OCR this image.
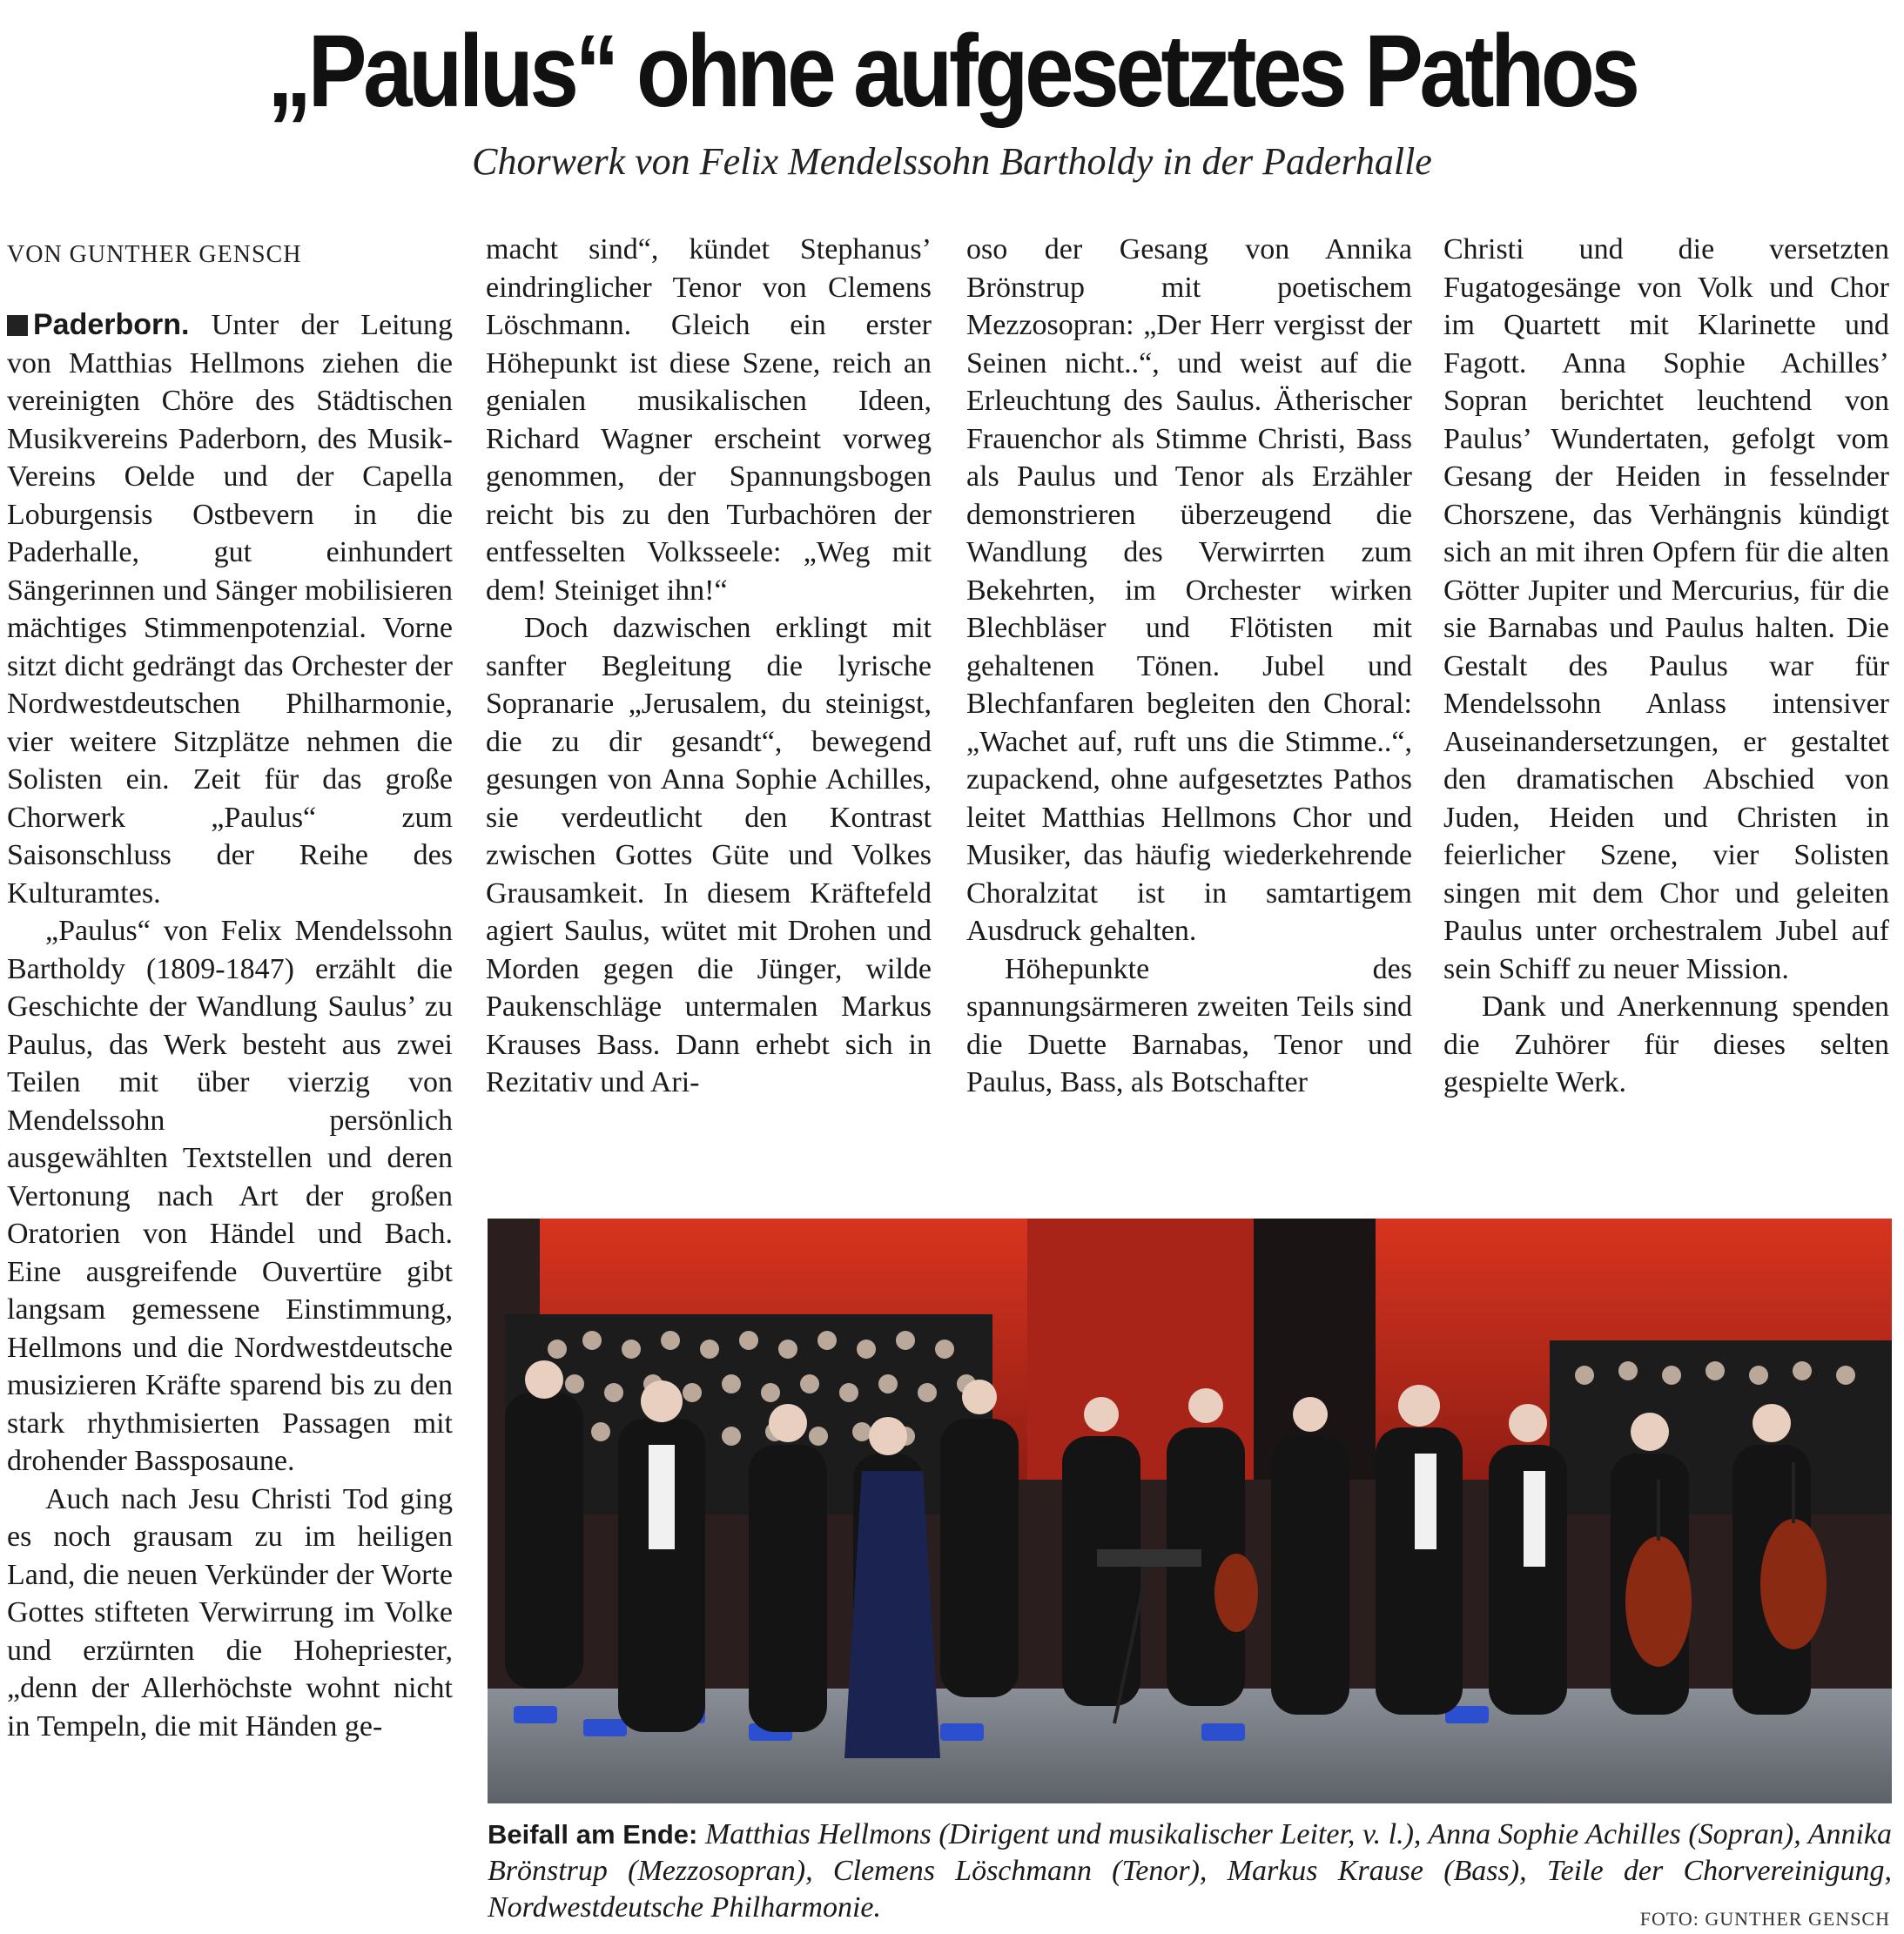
„Paulus“ ohne aufgesetztes Pathos
Chorwerk von Felix Mendelssohn Bartholdy in der Paderhalle
VON GUNTHER GENSCH

Paderborn. Unter der Leitung von Matthias Hellmons ziehen die vereinigten Chöre des Städtischen Musikvereins Paderborn, des Musik-Vereins Oelde und der Capella Loburgensis Ostbevern in die Paderhalle, gut einhundert Sängerinnen und Sänger mobilisieren mächtiges Stimmenpotenzial. Vorne sitzt dicht gedrängt das Orchester der Nordwestdeutschen Philharmonie, vier weitere Sitzplätze nehmen die Solisten ein. Zeit für das große Chorwerk „Paulus“ zum Saisonschluss der Reihe des Kulturamtes.

„Paulus“ von Felix Mendelssohn Bartholdy (1809-1847) erzählt die Geschichte der Wandlung Saulus’ zu Paulus, das Werk besteht aus zwei Teilen mit über vierzig von Mendelssohn persönlich ausgewählten Textstellen und deren Vertonung nach Art der großen Oratorien von Händel und Bach. Eine ausgreifende Ouvertüre gibt langsam gemessene Einstimmung, Hellmons und die Nordwestdeutsche musizieren Kräfte sparend bis zu den stark rhythmisierten Passagen mit drohender Bassposaune.

Auch nach Jesu Christi Tod ging es noch grausam zu im heiligen Land, die neuen Verkünder der Worte Gottes stifteten Verwirrung im Volke und erzürnten die Hohepriester, „denn der Allerhöchste wohnt nicht in Tempeln, die mit Händen ge-

macht sind“, kündet Stephanus’ eindringlicher Tenor von Clemens Löschmann. Gleich ein erster Höhepunkt ist diese Szene, reich an genialen musikalischen Ideen, Richard Wagner erscheint vorweg genommen, der Spannungsbogen reicht bis zu den Turbachören der entfesselten Volksseele: „Weg mit dem! Steiniget ihn!“

Doch dazwischen erklingt mit sanfter Begleitung die lyrische Sopranarie „Jerusalem, du steinigst, die zu dir gesandt“, bewegend gesungen von Anna Sophie Achilles, sie verdeutlicht den Kontrast zwischen Gottes Güte und Volkes Grausamkeit. In diesem Kräftefeld agiert Saulus, wütet mit Drohen und Morden gegen die Jünger, wilde Paukenschläge untermalen Markus Krauses Bass. Dann erhebt sich in Rezitativ und Ari-

oso der Gesang von Annika Brönstrup mit poetischem Mezzosopran: „Der Herr vergisst der Seinen nicht..“, und weist auf die Erleuchtung des Saulus. Ätherischer Frauenchor als Stimme Christi, Bass als Paulus und Tenor als Erzähler demonstrieren überzeugend die Wandlung des Verwirrten zum Bekehrten, im Orchester wirken Blechbläser und Flötisten mit gehaltenen Tönen. Jubel und Blechfanfaren begleiten den Choral: „Wachet auf, ruft uns die Stimme..“, zupackend, ohne aufgesetztes Pathos leitet Matthias Hellmons Chor und Musiker, das häufig wiederkehrende Choralzitat ist in samtartigem Ausdruck gehalten.

Höhepunkte des spannungsärmeren zweiten Teils sind die Duette Barnabas, Tenor und Paulus, Bass, als Botschafter

Christi und die versetzten Fugatogesänge von Volk und Chor im Quartett mit Klarinette und Fagott. Anna Sophie Achilles’ Sopran berichtet leuchtend von Paulus’ Wundertaten, gefolgt vom Gesang der Heiden in fesselnder Chorszene, das Verhängnis kündigt sich an mit ihren Opfern für die alten Götter Jupiter und Mercurius, für die sie Barnabas und Paulus halten. Die Gestalt des Paulus war für Mendelssohn Anlass intensiver Auseinandersetzungen, er gestaltet den dramatischen Abschied von Juden, Heiden und Christen in feierlicher Szene, vier Solisten singen mit dem Chor und geleiten Paulus unter orchestralem Jubel auf sein Schiff zu neuer Mission.

Dank und Anerkennung spenden die Zuhörer für dieses selten gespielte Werk.

Beifall am Ende: Matthias Hellmons (Dirigent und musikalischer Leiter, v. l.), Anna Sophie Achilles (Sopran), Annika Brönstrup (Mezzosopran), Clemens Löschmann (Tenor), Markus Krause (Bass), Teile der Chorvereinigung, Nordwestdeutsche Philharmonie.	FOTO: GUNTHER GENSCH
